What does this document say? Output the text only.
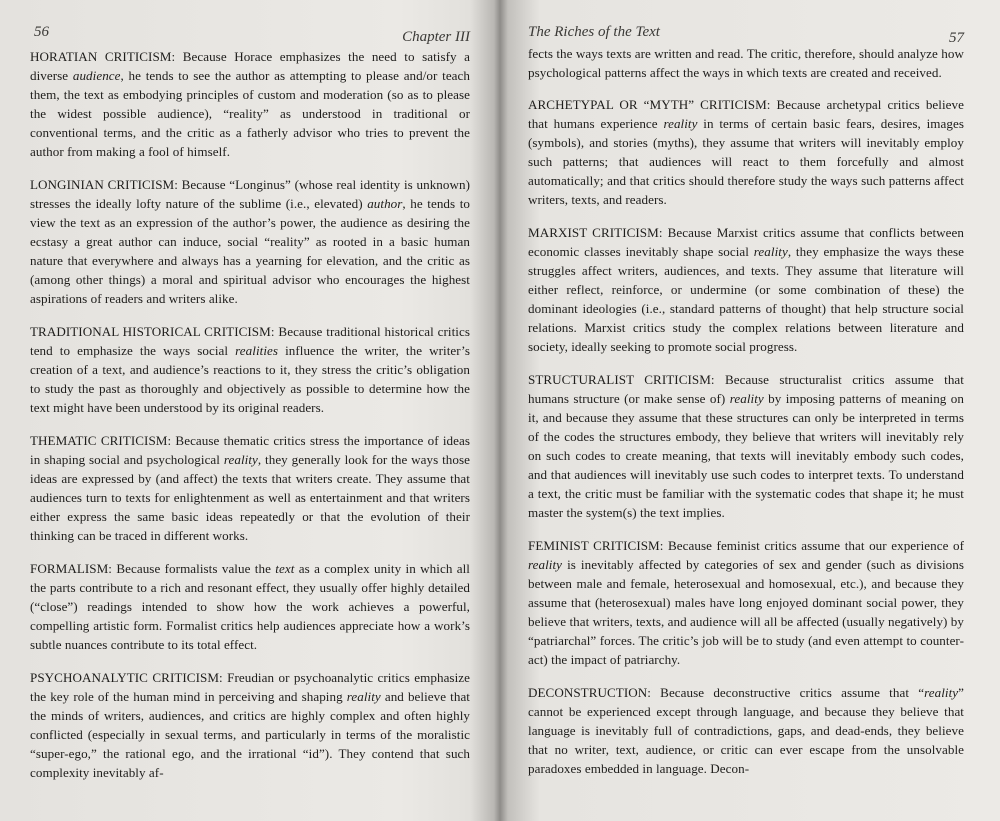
56	Chapter III

HORATIAN CRITICISM: Because Horace emphasizes the need to satisfy a diverse audience, he tends to see the author as attempting to please and/or teach them, the text as embodying principles of custom and moderation (so as to please the widest possible audience), “reality” as understood in traditional or conventional terms, and the critic as a fatherly advisor who tries to prevent the author from making a fool of himself.

LONGINIAN CRITICISM: Because “Longinus” (whose real identity is unknown) stresses the ideally lofty nature of the sublime (i.e., elevated) author, he tends to view the text as an expression of the author’s power, the audience as desiring the ecstasy a great author can induce, social “reality” as rooted in a basic human nature that everywhere and always has a yearning for elevation, and the critic as (among other things) a moral and spiritual advisor who encourages the highest aspirations of readers and writers alike.

TRADITIONAL HISTORICAL CRITICISM: Because traditional historical critics tend to emphasize the ways social realities influence the writer, the writer’s creation of a text, and audience’s reactions to it, they stress the critic’s obligation to study the past as thoroughly and objectively as possible to determine how the text might have been understood by its original readers.

THEMATIC CRITICISM: Because thematic critics stress the importance of ideas in shaping social and psychological reality, they generally look for the ways those ideas are expressed by (and affect) the texts that writers create. They assume that audiences turn to texts for enlightenment as well as entertainment and that writers either express the same basic ideas repeatedly or that the evolution of their thinking can be traced in different works.

FORMALISM: Because formalists value the text as a complex unity in which all the parts contribute to a rich and resonant effect, they usually offer highly detailed (“close”) readings intended to show how the work achieves a powerful, compelling artistic form. Formalist critics help audiences appreciate how a work’s subtle nuances contribute to its total effect.

PSYCHOANALYTIC CRITICISM: Freudian or psychoanalytic critics emphasize the key role of the human mind in perceiving and shaping reality and believe that the minds of writers, audiences, and critics are highly complex and often highly conflicted (especially in sexual terms, and particularly in terms of the moralistic “super-ego,” the rational ego, and the irrational “id”). They contend that such complexity inevitably af-

The Riches of the Text	57

fects the ways texts are written and read. The critic, therefore, should analyze how psychological patterns affect the ways in which texts are created and received.

ARCHETYPAL OR “MYTH” CRITICISM: Because archetypal critics believe that humans experience reality in terms of certain basic fears, desires, images (symbols), and stories (myths), they assume that writers will inevitably employ such patterns; that audiences will react to them forcefully and almost automatically; and that critics should therefore study the ways such patterns affect writers, texts, and readers.

MARXIST CRITICISM: Because Marxist critics assume that conflicts between economic classes inevitably shape social reality, they emphasize the ways these struggles affect writers, audiences, and texts. They assume that literature will either reflect, reinforce, or undermine (or some combination of these) the dominant ideologies (i.e., standard patterns of thought) that help structure social relations. Marxist critics study the complex relations between literature and society, ideally seeking to promote social progress.

STRUCTURALIST CRITICISM: Because structuralist critics assume that humans structure (or make sense of) reality by imposing patterns of meaning on it, and because they assume that these structures can only be interpreted in terms of the codes the structures embody, they believe that writers will inevitably rely on such codes to create meaning, that texts will inevitably embody such codes, and that audiences will inevitably use such codes to interpret texts. To understand a text, the critic must be familiar with the systematic codes that shape it; he must master the system(s) the text implies.

FEMINIST CRITICISM: Because feminist critics assume that our experience of reality is inevitably affected by categories of sex and gender (such as divisions between male and female, heterosexual and homosexual, etc.), and because they assume that (heterosexual) males have long enjoyed dominant social power, they believe that writers, texts, and audience will all be affected (usually negatively) by “patriarchal” forces. The critic’s job will be to study (and even attempt to counter-act) the impact of patriarchy.

DECONSTRUCTION: Because deconstructive critics assume that “reality” cannot be experienced except through language, and because they believe that language is inevitably full of contradictions, gaps, and dead-ends, they believe that no writer, text, audience, or critic can ever escape from the unsolvable paradoxes embedded in language. Decon-
